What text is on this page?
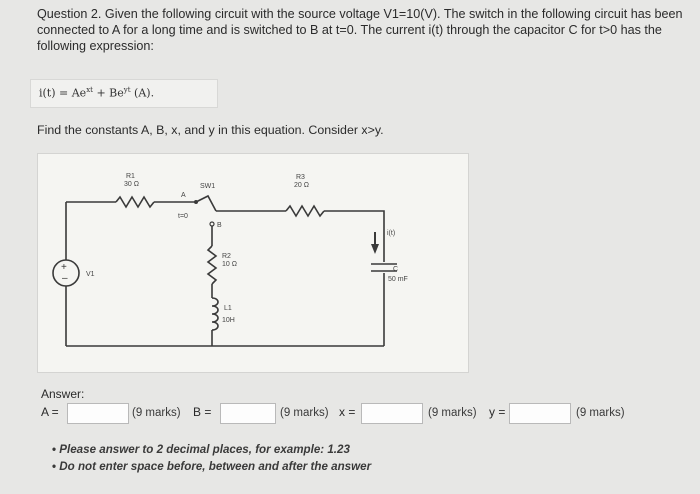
Question 2. Given the following circuit with the source voltage V1=10(V). The switch in the following circuit has been connected to A for a long time and is switched to B at t=0. The current i(t) through the capacitor C for t>0 has the following expression:
$i(t) = Ae^{xt} + Be^{yt}$ (A).
Find the constants A, B, x, and y in this equation. Consider x>y.
+
–
R1
30 Ω
A
SW1
t=0
B
R3
20 Ω
R2
10 Ω
L1
10H
V1
i(t)
C
50 mF
Answer:
A =	(9 marks) B =	(9 marks) x =	(9 marks) y =	(9 marks)
• Please answer to 2 decimal places, for example: 1.23
• Do not enter space before, between and after the answer
